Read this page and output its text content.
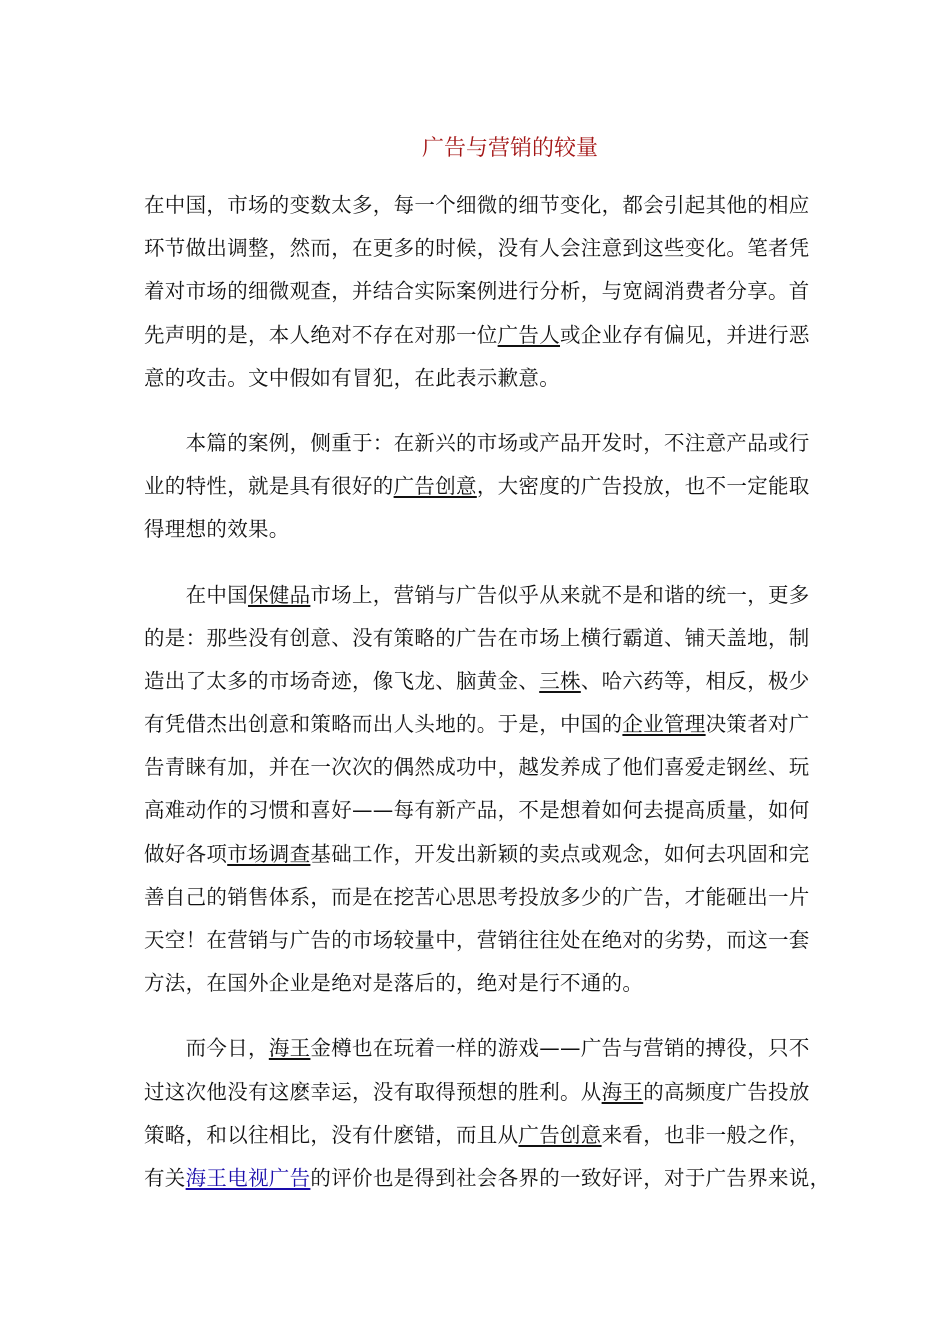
广告与营销的较量
在中国，市场的变数太多，每一个细微的细节变化，都会引起其他的相应
环节做出调整，然而，在更多的时候，没有人会注意到这些变化。笔者凭
着对市场的细微观查，并结合实际案例进行分析，与宽阔消费者分享。首
先声明的是，本人绝对不存在对那一位广告人或企业存有偏见，并进行恶
意的攻击。文中假如有冒犯，在此表示歉意。
　　本篇的案例，侧重于：在新兴的市场或产品开发时，不注意产品或行
业的特性，就是具有很好的广告创意，大密度的广告投放，也不一定能取
得理想的效果。
　　在中国保健品市场上，营销与广告似乎从来就不是和谐的统一，更多
的是：那些没有创意、没有策略的广告在市场上横行霸道、铺天盖地，制
造出了太多的市场奇迹，像飞龙、脑黄金、三株、哈六药等，相反，极少
有凭借杰出创意和策略而出人头地的。于是，中国的企业管理决策者对广
告青睐有加，并在一次次的偶然成功中，越发养成了他们喜爱走钢丝、玩
高难动作的习惯和喜好——每有新产品，不是想着如何去提高质量，如何
做好各项市场调查基础工作，开发出新颖的卖点或观念，如何去巩固和完
善自己的销售体系，而是在挖苦心思思考投放多少的广告，才能砸出一片
天空！在营销与广告的市场较量中，营销往往处在绝对的劣势，而这一套
方法，在国外企业是绝对是落后的，绝对是行不通的。
　　而今日，海王金樽也在玩着一样的游戏——广告与营销的搏役，只不
过这次他没有这麽幸运，没有取得预想的胜利。从海王的高频度广告投放
策略，和以往相比，没有什麽错，而且从广告创意来看，也非一般之作，
有关海王电视广告的评价也是得到社会各界的一致好评，对于广告界来说，
